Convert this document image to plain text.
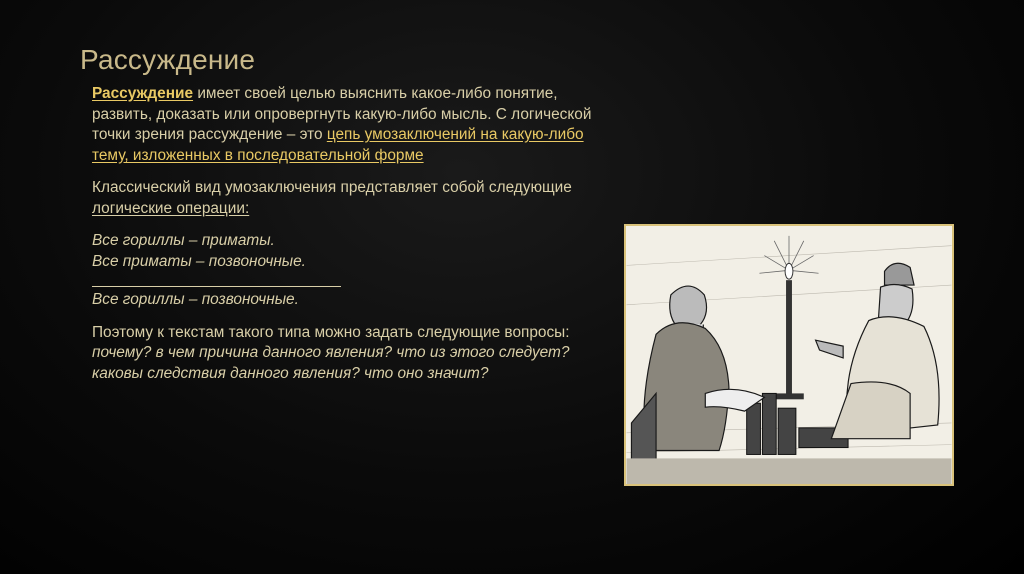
Рассуждение

Рассуждение имеет своей целью выяснить какое-либо понятие, развить, доказать или опровергнуть какую-либо мысль. С логической точки зрения рассуждение – это цепь умозаключений на какую-либо тему, изложенных в последовательной форме

Классический вид умозаключения представляет собой следующие логические операции:

Все гориллы – приматы.
Все приматы – позвоночные.
Все гориллы – позвоночные.

Поэтому к текстам такого типа можно задать следующие вопросы: почему? в чем причина данного явления? что из этого следует? каковы следствия данного явления? что оно значит?
